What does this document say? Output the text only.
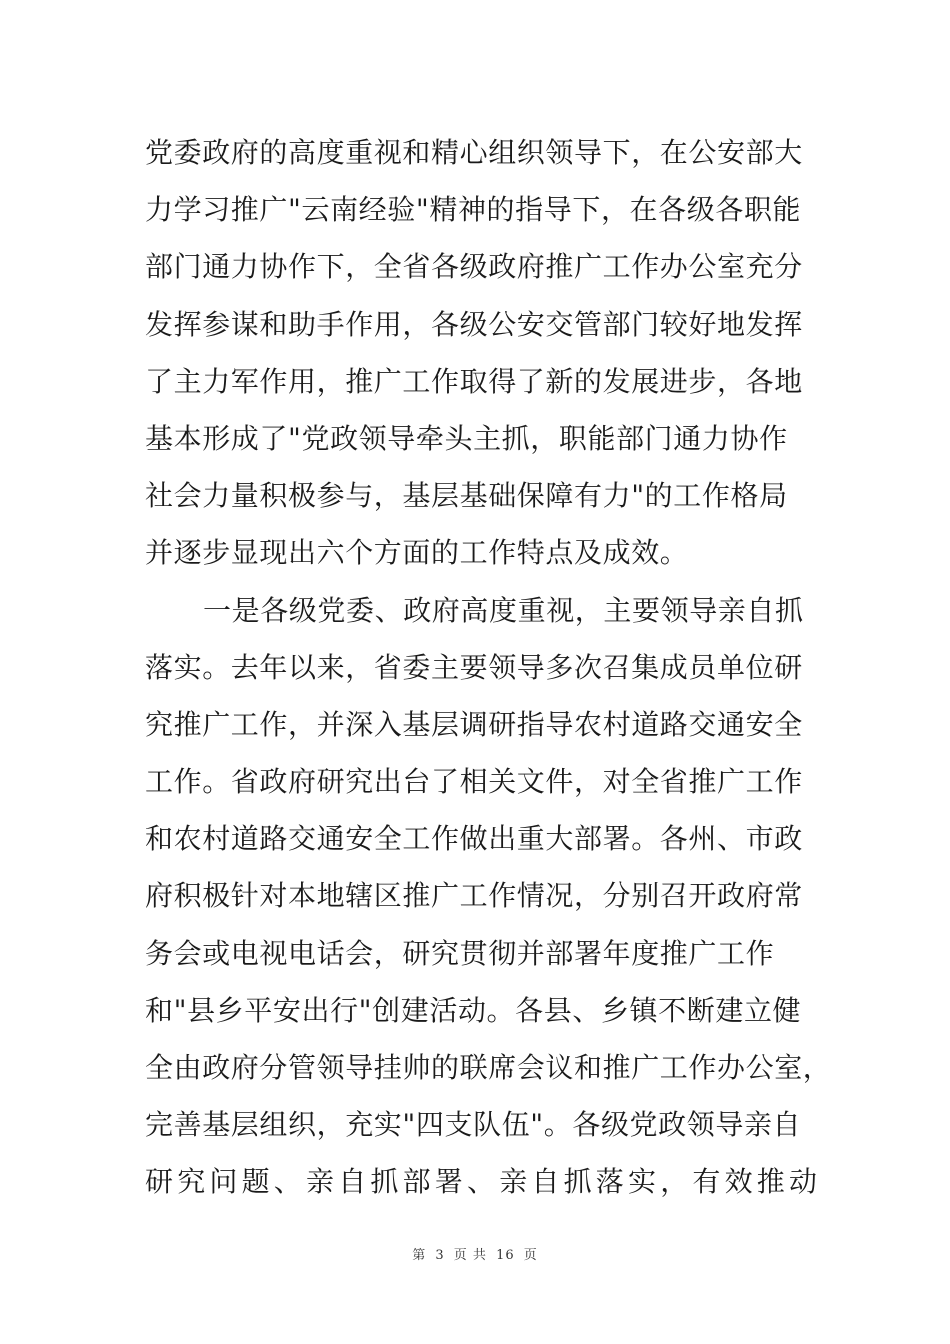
党委政府的高度重视和精心组织领导下，在公安部大
力学习推广"云南经验"精神的指导下，在各级各职能
部门通力协作下，全省各级政府推广工作办公室充分
发挥参谋和助手作用，各级公安交管部门较好地发挥
了主力军作用，推广工作取得了新的发展进步，各地
基本形成了"党政领导牵头主抓，职能部门通力协作
社会力量积极参与，基层基础保障有力"的工作格局
并逐步显现出六个方面的工作特点及成效。
一是各级党委、政府高度重视，主要领导亲自抓
落实。去年以来，省委主要领导多次召集成员单位研
究推广工作，并深入基层调研指导农村道路交通安全
工作。省政府研究出台了相关文件，对全省推广工作
和农村道路交通安全工作做出重大部署。各州、市政
府积极针对本地辖区推广工作情况，分别召开政府常
务会或电视电话会，研究贯彻并部署年度推广工作
和"县乡平安出行"创建活动。各县、乡镇不断建立健
全由政府分管领导挂帅的联席会议和推广工作办公室，
完善基层组织，充实"四支队伍"。各级党政领导亲自
研究问题、亲自抓部署、亲自抓落实，有效推动
第 3 页 共 16 页
